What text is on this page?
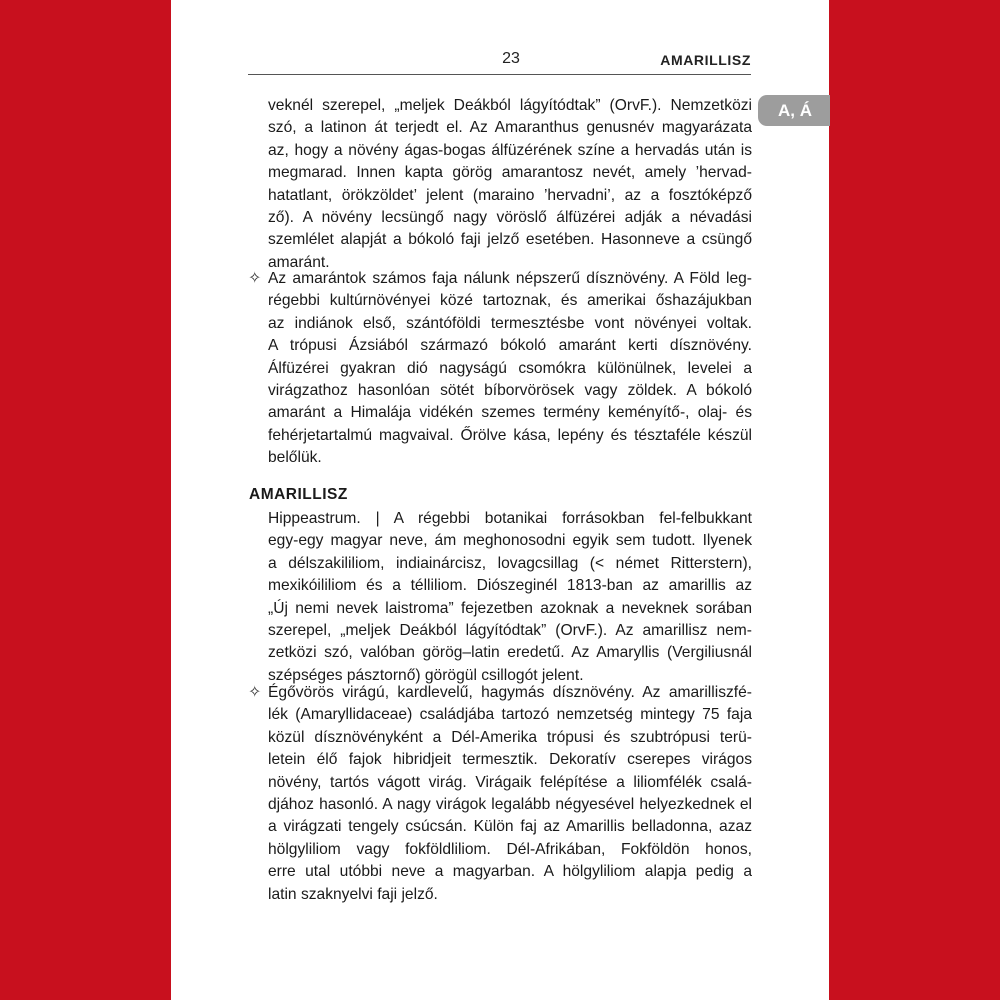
23	AMARILLISZ
A, Á
veknél szerepel, „meljek Deákból lágyítódtak” (OrvF.). Nemzetközi
szó, a latinon át terjedt el. Az Amaranthus genusnév magyarázata
az, hogy a növény ágas-bogas álfüzérének színe a hervadás után is
megmarad. Innen kapta görög amarantosz nevét, amely ’hervad-
hatatlant, örökzöldet’ jelent (maraino ’hervadni’, az a fosztóképző
ző). A növény lecsüngő nagy vöröslő álfüzérei adják a névadási
szemlélet alapját a bókoló faji jelző esetében. Hasonneve a csüngő
amaránt.
✧ Az amarántok számos faja nálunk népszerű dísznövény. A Föld leg-
régebbi kultúrnövényei közé tartoznak, és amerikai őshazájukban
az indiánok első, szántóföldi termesztésbe vont növényei voltak.
A trópusi Ázsiából származó bókoló amaránt kerti dísznövény.
Álfüzérei gyakran dió nagyságú csomókra különülnek, levelei a
virágzathoz hasonlóan sötét bíborvörösek vagy zöldek. A bókoló
amaránt a Himalája vidékén szemes termény keményítő-, olaj- és
fehérjetartalmú magvaival. Őrölve kása, lepény és tésztaféle készül
belőlük.
AMARILLISZ
Hippeastrum. | A régebbi botanikai forrásokban fel-felbukkant
egy-egy magyar neve, ám meghonosodni egyik sem tudott. Ilyenek
a délszakililiom, indiainárcisz, lovagcsillag (< német Ritterstern),
mexikóililiom és a télliliom. Diószeginél 1813-ban az amarillis az
„Új nemi nevek laistroma” fejezetben azoknak a neveknek sorában
szerepel, „meljek Deákból lágyítódtak” (OrvF.). Az amarillisz nem-
zetközi szó, valóban görög–latin eredetű. Az Amaryllis (Vergiliusnál
szépséges pásztornő) görögül csillogót jelent.
✧ Égővörös virágú, kardlevelű, hagymás dísznövény. Az amarilliszfé-
lék (Amaryllidaceae) családjába tartozó nemzetség mintegy 75 faja
közül dísznövényként a Dél-Amerika trópusi és szubtrópusi terü-
letein élő fajok hibridjeit termesztik. Dekoratív cserepes virágos
növény, tartós vágott virág. Virágaik felépítése a liliomfélék csalá-
djához hasonló. A nagy virágok legalább négyesével helyezkednek el
a virágzati tengely csúcsán. Külön faj az Amarillis belladonna, azaz
hölgyliliom vagy fokföldliliom. Dél-Afrikában, Fokföldön honos,
erre utal utóbbi neve a magyarban. A hölgyliliom alapja pedig a
latin szaknyelvi faji jelző.
